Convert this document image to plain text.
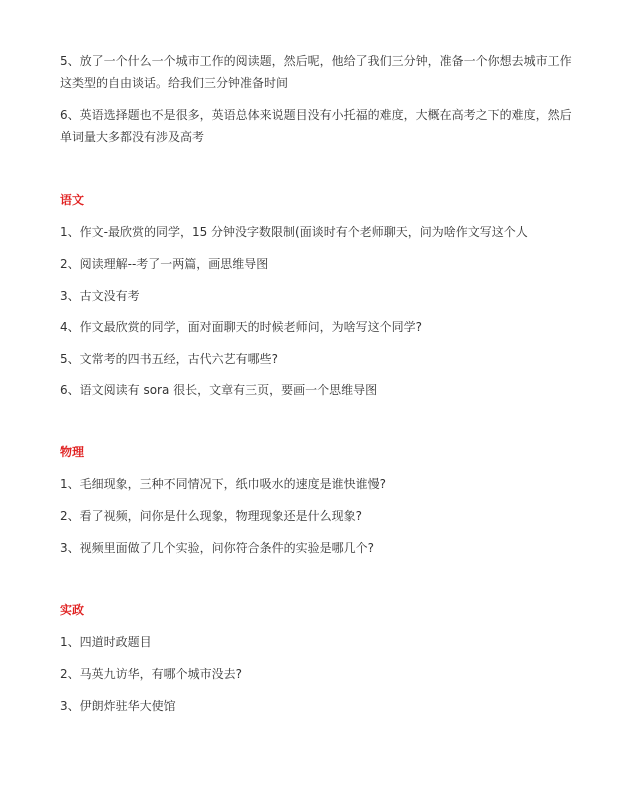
5、放了一个什么一个城市工作的阅读题，然后呢，他给了我们三分钟，准备一个你想去城市工作

这类型的自由谈话。给我们三分钟准备时间

6、英语选择题也不是很多，英语总体来说题目没有小托福的难度，大概在高考之下的难度，然后

单词量大多都没有涉及高考

语文

1、作文-最欣赏的同学，15 分钟没字数限制(面谈时有个老师聊天，问为啥作文写这个人

2、阅读理解--考了一两篇，画思维导图

3、古文没有考

4、作文最欣赏的同学，面对面聊天的时候老师问，为啥写这个同学?

5、文常考的四书五经，古代六艺有哪些?

6、语文阅读有 sora 很长，文章有三页，要画一个思维导图

物理

1、毛细现象，三种不同情况下，纸巾吸水的速度是谁快谁慢?

2、看了视频，问你是什么现象，物理现象还是什么现象?

3、视频里面做了几个实验，问你符合条件的实验是哪几个?

实政

1、四道时政题目

2、马英九访华，有哪个城市没去?

3、伊朗炸驻华大使馆
